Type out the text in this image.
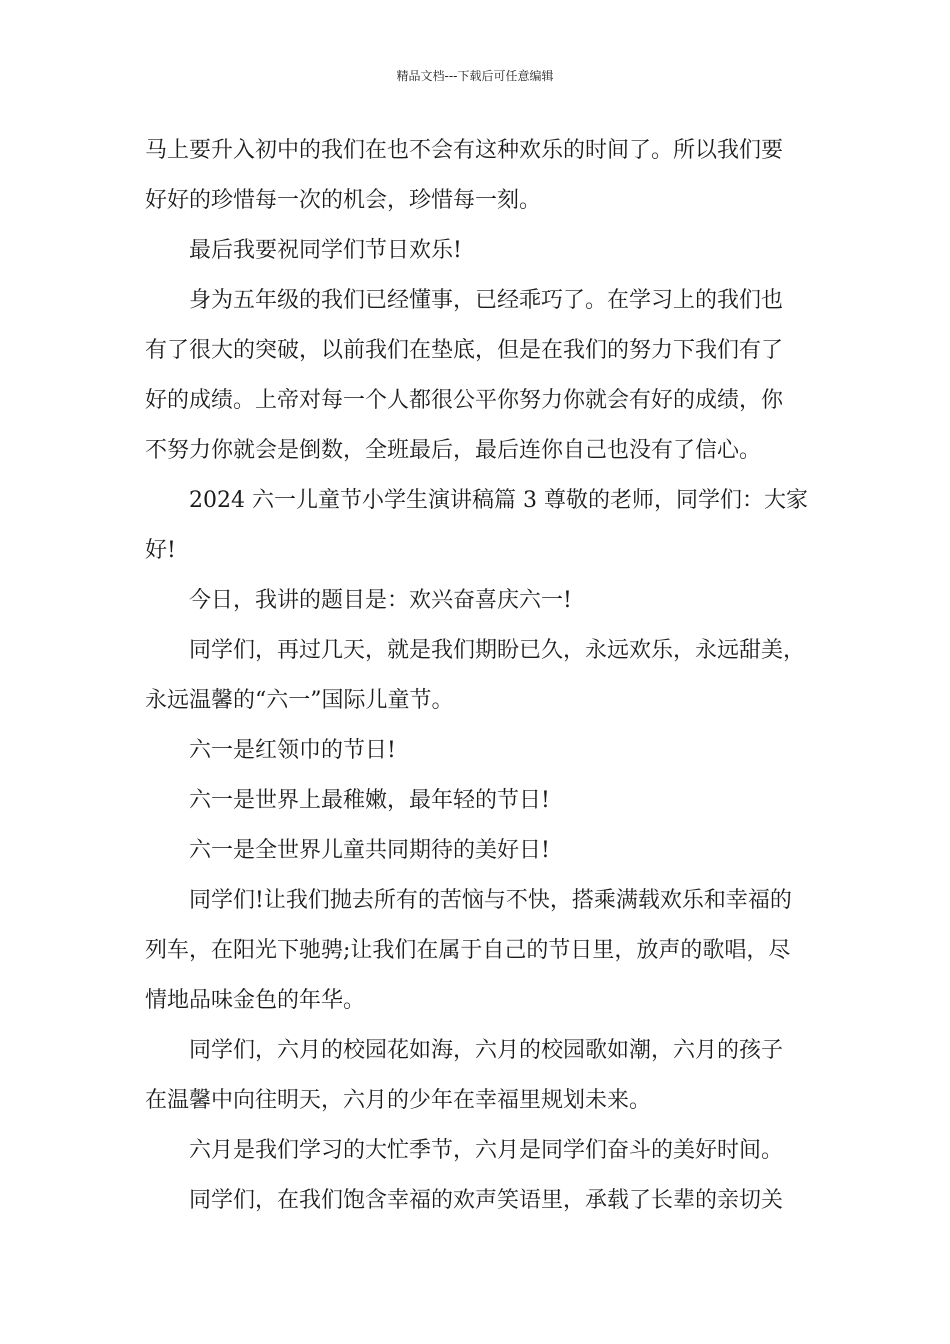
精品文档---下载后可任意编辑
马上要升入初中的我们在也不会有这种欢乐的时间了。所以我们要
好好的珍惜每一次的机会，珍惜每一刻。
最后我要祝同学们节日欢乐!
身为五年级的我们已经懂事，已经乖巧了。在学习上的我们也
有了很大的突破，以前我们在垫底，但是在我们的努力下我们有了
好的成绩。上帝对每一个人都很公平你努力你就会有好的成绩，你
不努力你就会是倒数，全班最后，最后连你自己也没有了信心。
2024 六一儿童节小学生演讲稿篇 3 尊敬的老师，同学们：大家
好!
今日，我讲的题目是：欢兴奋喜庆六一!
同学们，再过几天，就是我们期盼已久，永远欢乐，永远甜美，
永远温馨的“六一”国际儿童节。
六一是红领巾的节日!
六一是世界上最稚嫩，最年轻的节日!
六一是全世界儿童共同期待的美好日!
同学们!让我们抛去所有的苦恼与不快，搭乘满载欢乐和幸福的
列车，在阳光下驰骋;让我们在属于自己的节日里，放声的歌唱，尽
情地品味金色的年华。
同学们，六月的校园花如海，六月的校园歌如潮，六月的孩子
在温馨中向往明天，六月的少年在幸福里规划未来。
六月是我们学习的大忙季节，六月是同学们奋斗的美好时间。
同学们，在我们饱含幸福的欢声笑语里，承载了长辈的亲切关
